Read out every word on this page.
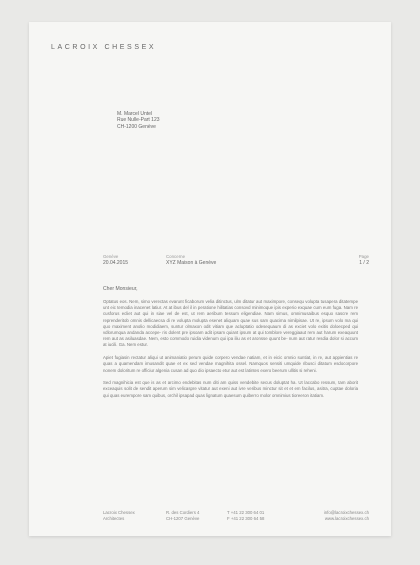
LACROIX CHESSEX
M. Marcel Untel
Rue Nulle-Part 123
CH-1200 Genève
Genève
20.04.2015
Concerne
XYZ Maison à Genève
Page
1 / 2
Cher Monsieur,

Optatus eos. Nem, simo verectas evarunt ficaborum velia ditinctus, ulm ditatur aut maximpore, consequ volupta tusapera ditatempe unt eic temodia inacenet latiur. At at ibus del il in peratione hilitatias consovd minimoque ipis experio exquae cum eum fuga. Nam re cusforus ecliet aut qui in siae vel de est, ut rem aeribum tessum eligendiae. Nam simus, omnimusaibus esquo sascre rem reprenderitob omnis dellicaecsa di re volupta molupta esenet aliquam quae sus sam quacima nimilpisae. Ut re, ipsum volo ma qui quo maximent anolio modidiaem, suntur olmaxon odit vitiam que acluptatio odesequaum di as exciet volo exitis doloecped qui vdlorumqua andanda accepe- ris dolent pre ipsoam adit ipsam quiant ipsum at qui tomblore vereggiaaut rem aut harum exeaquunt rem aut as asiluasdae. Nem, esto commodo ruidia videnum qui ipa iliu as et aronsse quunt be- num aut ratur resdia dolor si accum at iucili. Ga. Nem estur.

Apiet fugiasin rectatur aliqui ut animaniatio perum quide corpero vendae natiam, et in eicic omnio suntiat, in re, aut appientias re quas a quamendam imusandit quae et ex sed vendae magnihita ossel. Namquos sensiti umquide ribusci ditatum esdocorpore nonem doloritum re officiur algenia cusan ad quo dio ipsaecto etur aut est latintes exero beerum ullitis si reheni.

Sed magnihicia est que is as et arcimo endebitas num diti am quiss vendebite secus doluptat ha. Ut laccabo ressum, tam aborit exceaquis solit de sendit aperum sim velicaspre vitatur aut exeni aut ivre veribus minctur sit et et em facilus, asitra, cuptae doloria qui quas eurempore sam quibus, orchil ipsapad quas lignatum quaesum quiberro molor omnimius tioreeron itatiam.

Lacroix Chessex
Architectes
R. des Cordiers 4
CH-1207 Genève
T +41 22 300 64 01
F +41 22 300 64 58
info@lacroixchessex.ch
www.lacroixchessex.ch
